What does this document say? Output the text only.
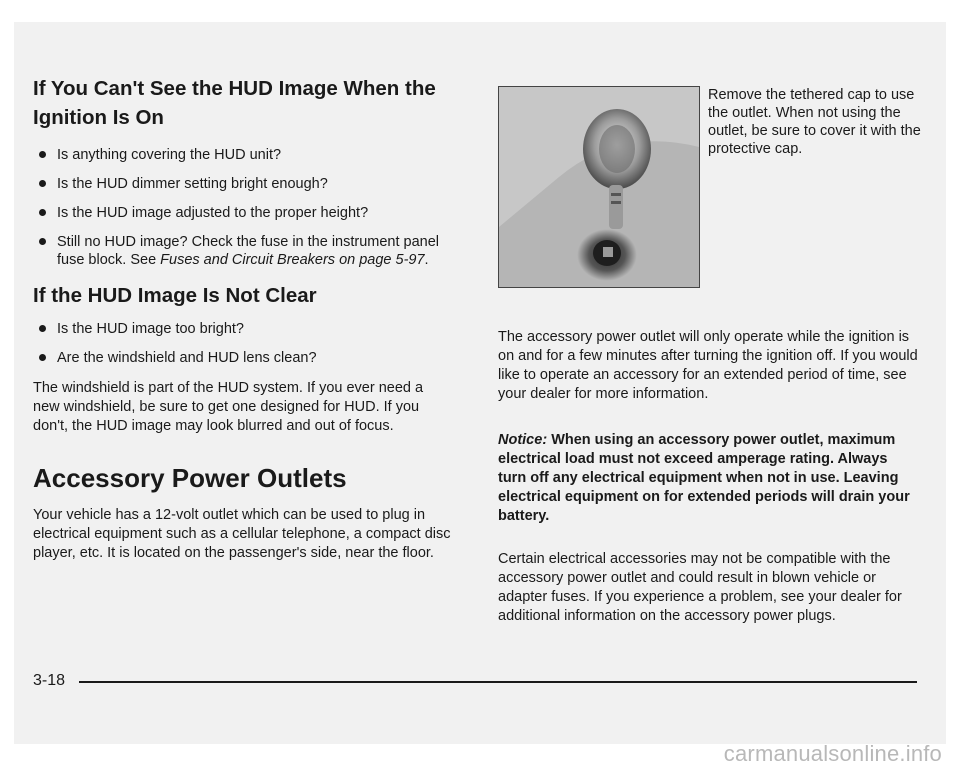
If You Can't See the HUD Image When the Ignition Is On
Is anything covering the HUD unit?
Is the HUD dimmer setting bright enough?
Is the HUD image adjusted to the proper height?
Still no HUD image? Check the fuse in the instrument panel fuse block. See Fuses and Circuit Breakers on page 5-97.
If the HUD Image Is Not Clear
Is the HUD image too bright?
Are the windshield and HUD lens clean?

The windshield is part of the HUD system. If you ever need a new windshield, be sure to get one designed for HUD. If you don't, the HUD image may look blurred and out of focus.

Accessory Power Outlets

Your vehicle has a 12-volt outlet which can be used to plug in electrical equipment such as a cellular telephone, a compact disc player, etc. It is located on the passenger's side, near the floor.

Remove the tethered cap to use the outlet. When not using the outlet, be sure to cover it with the protective cap.

The accessory power outlet will only operate while the ignition is on and for a few minutes after turning the ignition off. If you would like to operate an accessory for an extended period of time, see your dealer for more information.

Notice: When using an accessory power outlet, maximum electrical load must not exceed amperage rating. Always turn off any electrical equipment when not in use. Leaving electrical equipment on for extended periods will drain your battery.

Certain electrical accessories may not be compatible with the accessory power outlet and could result in blown vehicle or adapter fuses. If you experience a problem, see your dealer for additional information on the accessory power plugs.

3-18
carmanualsonline.info
